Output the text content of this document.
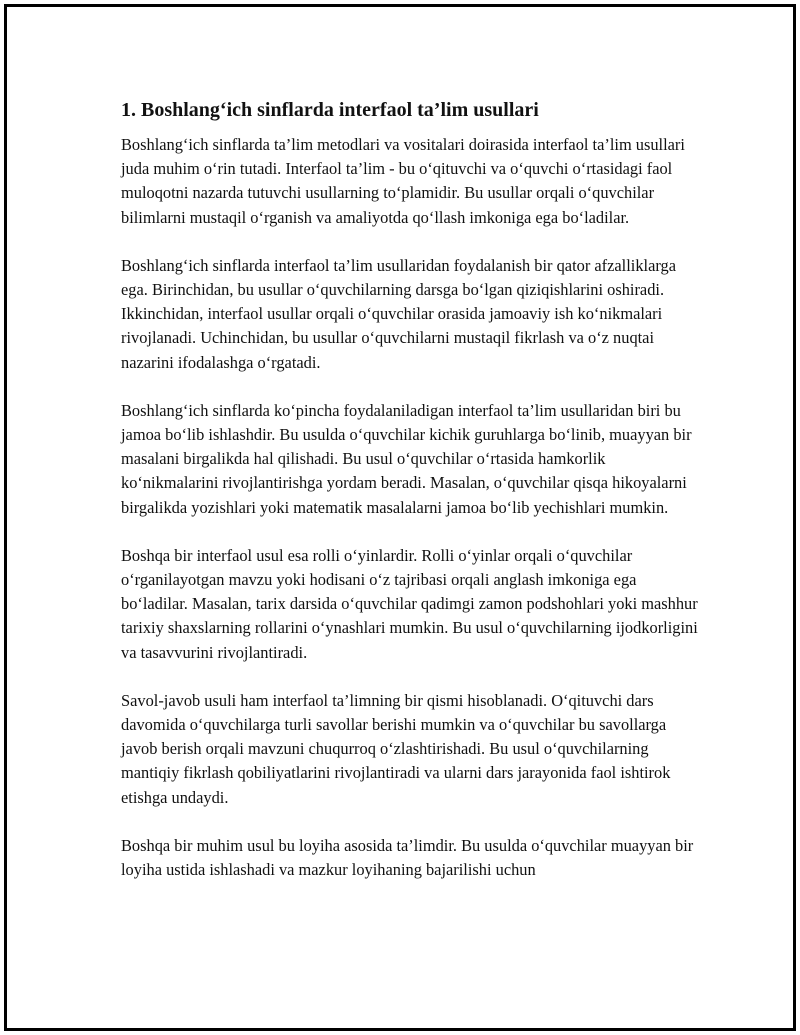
1. Boshlang‘ich sinflarda interfaol ta’lim usullari

Boshlang‘ich sinflarda ta’lim metodlari va vositalari doirasida interfaol ta’lim usullari juda muhim o‘rin tutadi. Interfaol ta’lim - bu o‘qituvchi va o‘quvchi o‘rtasidagi faol muloqotni nazarda tutuvchi usullarning to‘plamidir. Bu usullar orqali o‘quvchilar bilimlarni mustaqil o‘rganish va amaliyotda qo‘llash imkoniga ega bo‘ladilar.

Boshlang‘ich sinflarda interfaol ta’lim usullaridan foydalanish bir qator afzalliklarga ega. Birinchidan, bu usullar o‘quvchilarning darsga bo‘lgan qiziqishlarini oshiradi. Ikkinchidan, interfaol usullar orqali o‘quvchilar orasida jamoaviy ish ko‘nikmalari rivojlanadi. Uchinchidan, bu usullar o‘quvchilarni mustaqil fikrlash va o‘z nuqtai nazarini ifodalashga o‘rgatadi.

Boshlang‘ich sinflarda ko‘pincha foydalaniladigan interfaol ta’lim usullaridan biri bu jamoa bo‘lib ishlashdir. Bu usulda o‘quvchilar kichik guruhlarga bo‘linib, muayyan bir masalani birgalikda hal qilishadi. Bu usul o‘quvchilar o‘rtasida hamkorlik ko‘nikmalarini rivojlantirishga yordam beradi. Masalan, o‘quvchilar qisqa hikoyalarni birgalikda yozishlari yoki matematik masalalarni jamoa bo‘lib yechishlari mumkin.

Boshqa bir interfaol usul esa rolli o‘yinlardir. Rolli o‘yinlar orqali o‘quvchilar o‘rganilayotgan mavzu yoki hodisani o‘z tajribasi orqali anglash imkoniga ega bo‘ladilar. Masalan, tarix darsida o‘quvchilar qadimgi zamon podshohlari yoki mashhur tarixiy shaxslarning rollarini o‘ynashlari mumkin. Bu usul o‘quvchilarning ijodkorligini va tasavvurini rivojlantiradi.

Savol-javob usuli ham interfaol ta’limning bir qismi hisoblanadi. O‘qituvchi dars davomida o‘quvchilarga turli savollar berishi mumkin va o‘quvchilar bu savollarga javob berish orqali mavzuni chuqurroq o‘zlashtirishadi. Bu usul o‘quvchilarning mantiqiy fikrlash qobiliyatlarini rivojlantiradi va ularni dars jarayonida faol ishtirok etishga undaydi.

Boshqa bir muhim usul bu loyiha asosida ta’limdir. Bu usulda o‘quvchilar muayyan bir loyiha ustida ishlashadi va mazkur loyihaning bajarilishi uchun
